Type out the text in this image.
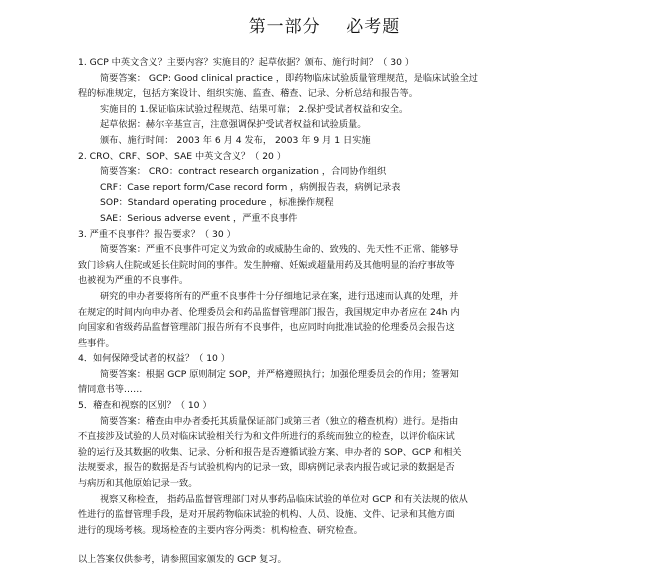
第一部分    必考题
1. GCP 中英文含义？主要内容？实施目的？起草依据？颁布、施行时间？（ 30 ）
简要答案： GCP: Good clinical practice ，即药物临床试验质量管理规范，是临床试验全过
程的标准规定，包括方案设计、组织实施、监查、稽查、记录、分析总结和报告等。
实施目的 1.保证临床试验过程规范、结果可靠； 2.保护受试者权益和安全。
起草依据：赫尔辛基宣言，注意强调保护受试者权益和试验质量。
颁布、施行时间： 2003 年 6 月 4 发布， 2003 年 9 月 1 日实施
2. CRO、CRF、SOP、SAE 中英文含义？（ 20 ）
简要答案： CRO：contract research organization ，合同协作组织
CRF：Case report form/Case record form ，病例报告表，病例记录表
SOP：Standard operating procedure ，标准操作规程
SAE：Serious adverse event ，严重不良事件
3. 严重不良事件？报告要求？（ 30 ）
简要答案：严重不良事件可定义为致命的或威胁生命的、致残的、先天性不正常、能够导
致门诊病人住院或延长住院时间的事件。发生肿瘤、妊娠或超量用药及其他明显的治疗事故等
也被视为严重的不良事件。
研究的申办者要将所有的严重不良事件十分仔细地记录在案，进行迅速而认真的处理，并
在规定的时间内向申办者、伦理委员会和药品监督管理部门报告，我国规定申办者应在 24h 内
向国家和省级药品监督管理部门报告所有不良事件，也应同时向批准试验的伦理委员会报告这
些事件。
4．如何保障受试者的权益？（ 10 ）
简要答案：根据 GCP 原则制定 SOP，并严格遵照执行；加强伦理委员会的作用；签署知
情同意书等……
5．稽查和视察的区别？（ 10 ）
简要答案：稽查由申办者委托其质量保证部门或第三者（独立的稽查机构）进行。是指由
不直接涉及试验的人员对临床试验相关行为和文件所进行的系统而独立的检查，以评价临床试
验的运行及其数据的收集、记录、分析和报告是否遵循试验方案、申办者的 SOP、GCP 和相关
法规要求，报告的数据是否与试验机构内的记录一致，即病例记录表内报告或记录的数据是否
与病历和其他原始记录一致。
视察又称检查， 指药品监督管理部门对从事药品临床试验的单位对 GCP 和有关法规的依从
性进行的监督管理手段，是对开展药物临床试验的机构、人员、设施、文件、记录和其他方面
进行的现场考核。现场检查的主要内容分两类：机构检查、研究检查。
以上答案仅供参考，请参照国家颁发的 GCP 复习。
